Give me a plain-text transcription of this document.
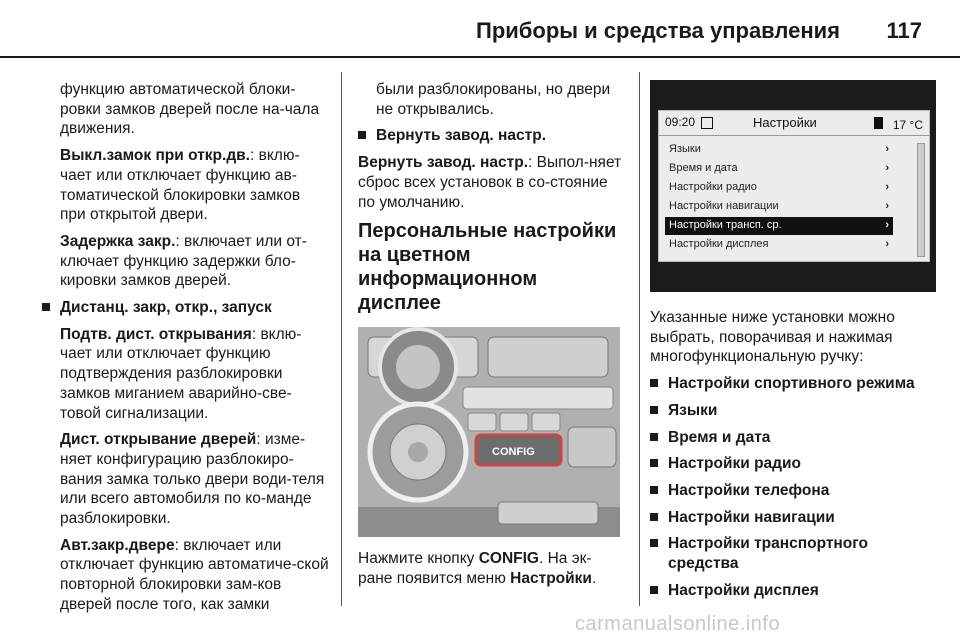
Приборы и средства управления 117

функцию автоматической блоки-ровки замков дверей после на-чала движения.

Выкл.замок при откр.дв.: вклю-чает или отключает функцию ав-томатической блокировки замков при открытой двери.

Задержка закр.: включает или от-ключает функцию задержки бло-кировки замков дверей.

Дистанц. закр, откр., запуск

Подтв. дист. открывания: вклю-чает или отключает функцию подтверждения разблокировки замков миганием аварийно-све-товой сигнализации.

Дист. открывание дверей: изме-няет конфигурацию разблокиро-вания замка только двери води-теля или всего автомобиля по ко-манде разблокировки.

Авт.закр.двере: включает или отключает функцию автоматиче-ской повторной блокировки зам-ков дверей после того, как замки

были разблокированы, но двери не открывались.

Вернуть завод. настр.

Вернуть завод. настр.: Выпол-няет сброс всех установок в со-стояние по умолчанию.

Персональные настройки на цветном информационном дисплее

CONFIG

Нажмите кнопку CONFIG. На эк-ране появится меню Настройки.

09:20	Настройки	17 °C
Языки	›
Время и дата	›
Настройки радио	›
Настройки навигации	›
Настройки трансп. ср.	›
Настройки дисплея	›

Указанные ниже установки можно выбрать, поворачивая и нажимая многофункциональную ручку:

Настройки спортивного режима
Языки
Время и дата
Настройки радио
Настройки телефона
Настройки навигации
Настройки транспортного средства
Настройки дисплея
carmanualsonline.info
